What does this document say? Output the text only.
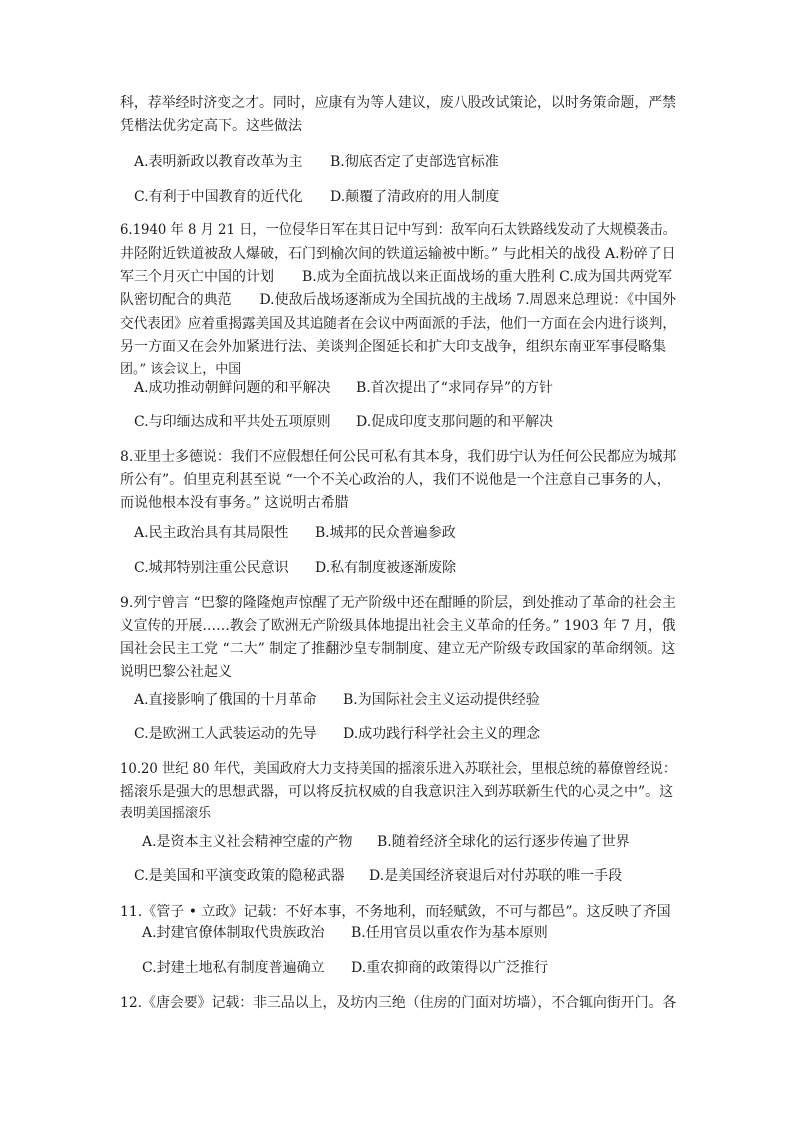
科，荐举经时济变之才。同时，应康有为等人建议，废八股改试策论，以时务策命题，严禁
凭楷法优劣定高下。这些做法
A.表明新政以教育改革为主 B.彻底否定了吏部选官标准
C.有利于中国教育的近代化 D.颠覆了清政府的用人制度
6.1940 年 8 月 21 日，一位侵华日军在其日记中写到：敌军向石太铁路线发动了大规模袭击。
井陉附近铁道被敌人爆破，石门到榆次间的铁道运输被中断。” 与此相关的战役 A.粉碎了日
军三个月灭亡中国的计划　　B.成为全面抗战以来正面战场的重大胜利 C.成为国共两党军
队密切配合的典范　　D.使敌后战场逐渐成为全国抗战的主战场 7.周恩来总理说：《中国外
交代表团》应着重揭露美国及其追随者在会议中两面派的手法，他们一方面在会内进行谈判，
另一方面又在会外加紧进行法、美谈判企图延长和扩大印支战争，组织东南亚军事侵略集
团。” 该会议上，中国
A.成功推动朝鲜问题的和平解决 B.首次提出了“求同存异”的方针
C.与印缅达成和平共处五项原则 D.促成印度支那问题的和平解决
8.亚里士多德说：我们不应假想任何公民可私有其本身，我们毋宁认为任何公民都应为城邦
所公有”。伯里克利甚至说 “一个不关心政治的人，我们不说他是一个注意自己事务的人，
而说他根本没有事务。” 这说明古希腊
A.民主政治具有其局限性 B.城邦的民众普遍参政
C.城邦特别注重公民意识 D.私有制度被逐渐废除
9.列宁曾言 “巴黎的隆隆炮声惊醒了无产阶级中还在酣睡的阶层，到处推动了革命的社会主
义宣传的开展……教会了欧洲无产阶级具体地提出社会主义革命的任务。” 1903 年 7 月，俄
国社会民主工党 “二大” 制定了推翻沙皇专制制度、建立无产阶级专政国家的革命纲领。这
说明巴黎公社起义
A.直接影响了俄国的十月革命 B.为国际社会主义运动提供经验
C.是欧洲工人武装运动的先导 D.成功践行科学社会主义的理念
10.20 世纪 80 年代，美国政府大力支持美国的摇滚乐进入苏联社会，里根总统的幕僚曾经说：
摇滚乐是强大的思想武器，可以将反抗权威的自我意识注入到苏联新生代的心灵之中”。这
表明美国摇滚乐
A.是资本主义社会精神空虚的产物 B.随着经济全球化的运行逐步传遍了世界
C.是美国和平演变政策的隐秘武器 D.是美国经济衰退后对付苏联的唯一手段
11.《管子 • 立政》记载：不好本事，不务地利，而轻赋敛，不可与都邑”。这反映了齐国
A.封建官僚体制取代贵族政治 B.任用官员以重农作为基本原则
C.封建土地私有制度普遍确立 D.重农抑商的政策得以广泛推行
12.《唐会要》记载：非三品以上，及坊内三绝（住房的门面对坊墙），不合辄向街开门。各
